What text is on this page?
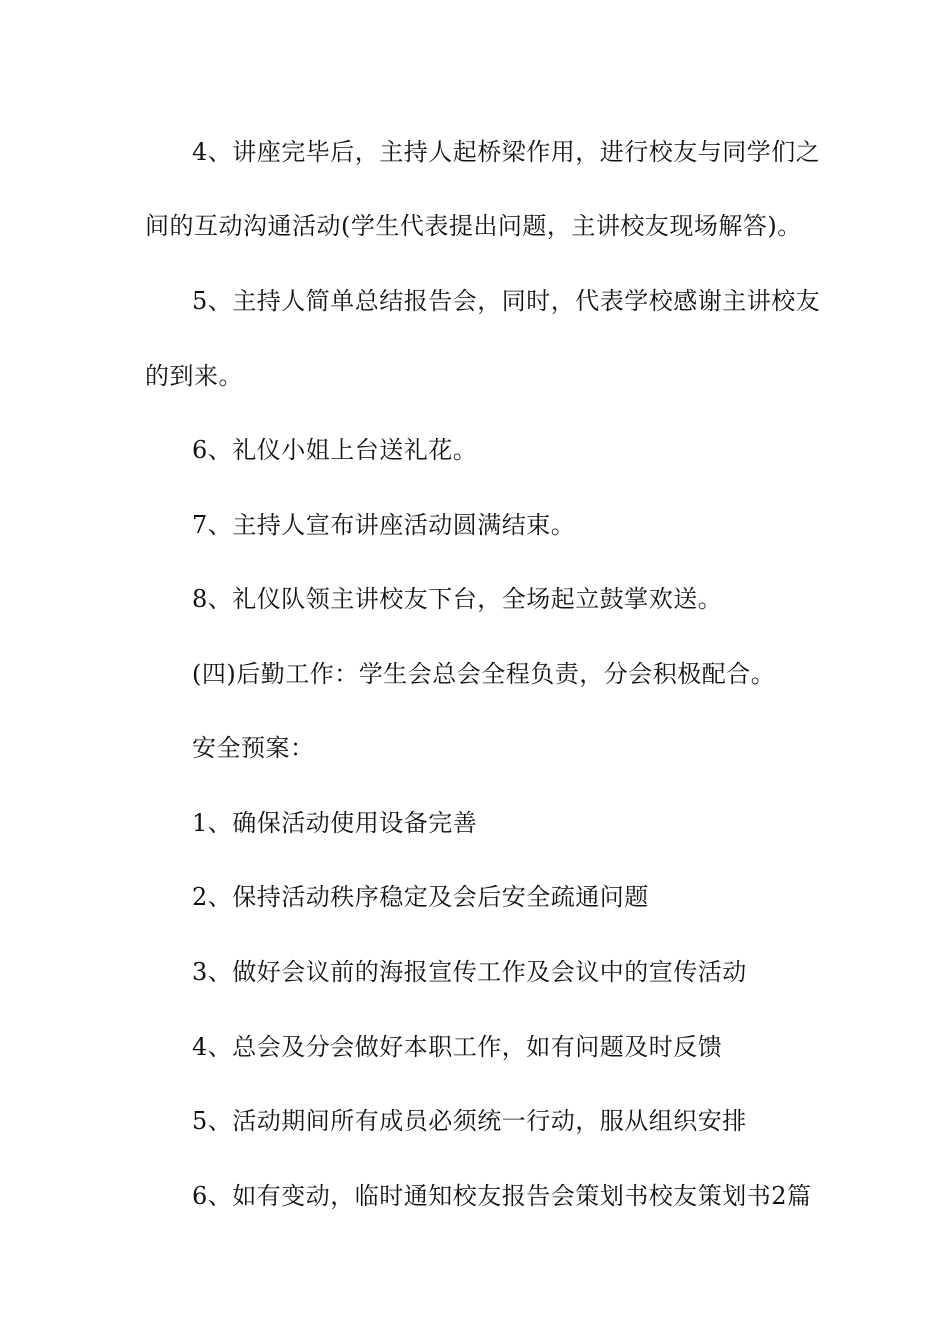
4、讲座完毕后，主持人起桥梁作用，进行校友与同学们之

间的互动沟通活动(学生代表提出问题，主讲校友现场解答)。

5、主持人简单总结报告会，同时，代表学校感谢主讲校友

的到来。

6、礼仪小姐上台送礼花。

7、主持人宣布讲座活动圆满结束。

8、礼仪队领主讲校友下台，全场起立鼓掌欢送。

(四)后勤工作：学生会总会全程负责，分会积极配合。

安全预案：

1、确保活动使用设备完善

2、保持活动秩序稳定及会后安全疏通问题

3、做好会议前的海报宣传工作及会议中的宣传活动

4、总会及分会做好本职工作，如有问题及时反馈

5、活动期间所有成员必须统一行动，服从组织安排

6、如有变动，临时通知校友报告会策划书校友策划书2篇
